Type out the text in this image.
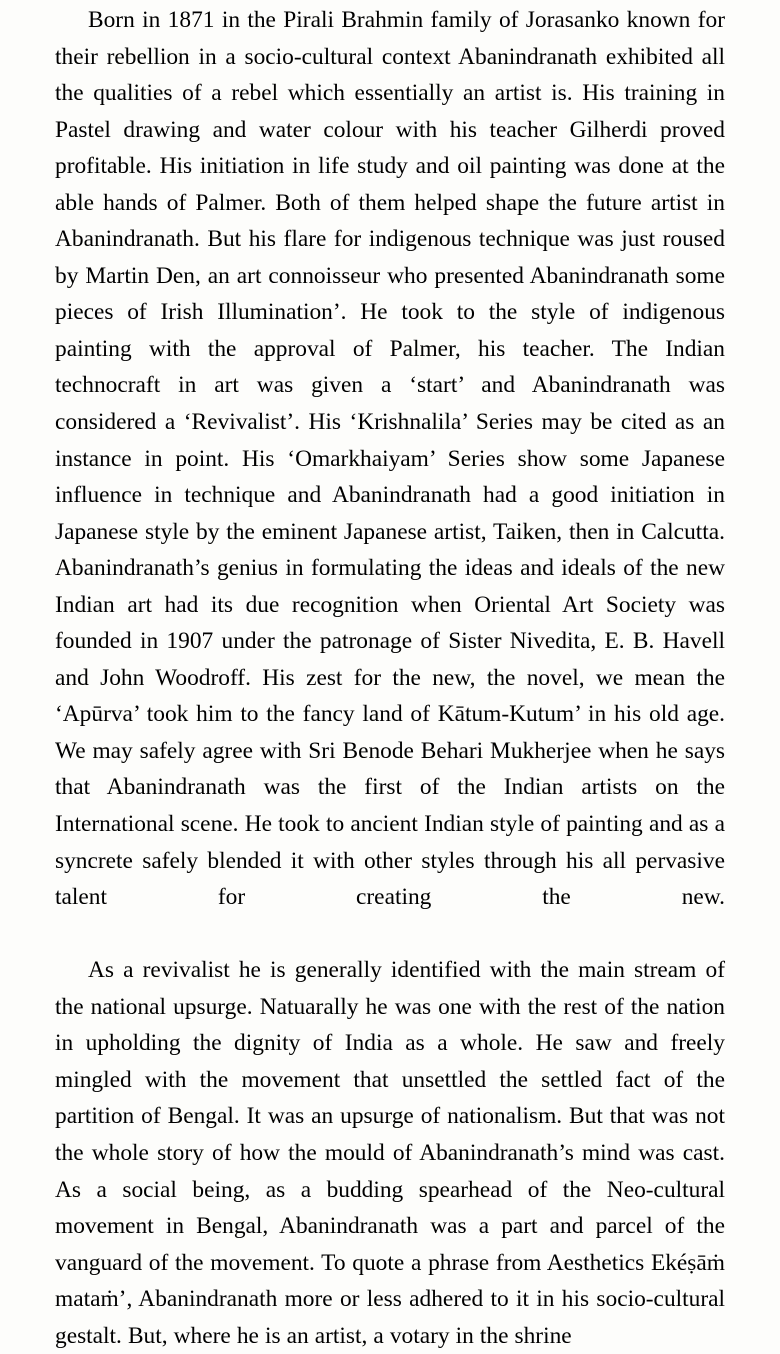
Born in 1871 in the Pirali Brahmin family of Jorasanko known for their rebellion in a socio-cultural context Abanindranath exhibited all the qualities of a rebel which essentially an artist is. His training in Pastel drawing and water colour with his teacher Gilherdi proved profitable. His initiation in life study and oil painting was done at the able hands of Palmer. Both of them helped shape the future artist in Abanindranath. But his flare for indigenous technique was just roused by Martin Den, an art connoisseur who presented Abanindranath some pieces of Irish Illumination’. He took to the style of indigenous painting with the approval of Palmer, his teacher. The Indian technocraft in art was given a ‘start’ and Abanindranath was considered a ‘Revivalist’. His ‘Krishnalila’ Series may be cited as an instance in point. His ‘Omarkhaiyam’ Series show some Japanese influence in technique and Abanindranath had a good initiation in Japanese style by the eminent Japanese artist, Taiken, then in Calcutta. Abanindranath’s genius in formulating the ideas and ideals of the new Indian art had its due recognition when Oriental Art Society was founded in 1907 under the patronage of Sister Nivedita, E. B. Havell and John Woodroff. His zest for the new, the novel, we mean the ‘Apūrva’ took him to the fancy land of Kātum-Kutum’ in his old age. We may safely agree with Sri Benode Behari Mukherjee when he says that Abanindranath was the first of the Indian artists on the International scene. He took to ancient Indian style of painting and as a syncrete safely blended it with other styles through his all pervasive talent for creating the new.

As a revivalist he is generally identified with the main stream of the national upsurge. Natuarally he was one with the rest of the nation in upholding the dignity of India as a whole. He saw and freely mingled with the movement that unsettled the settled fact of the partition of Bengal. It was an upsurge of nationalism. But that was not the whole story of how the mould of Abanindranath’s mind was cast. As a social being, as a budding spearhead of the Neo-cultural movement in Bengal, Abanindranath was a part and parcel of the vanguard of the movement. To quote a phrase from Aesthetics Ekéṣāṁ mataṁ’, Abanindranath more or less adhered to it in his socio-cultural gestalt. But, where he is an artist, a votary in the shrine
